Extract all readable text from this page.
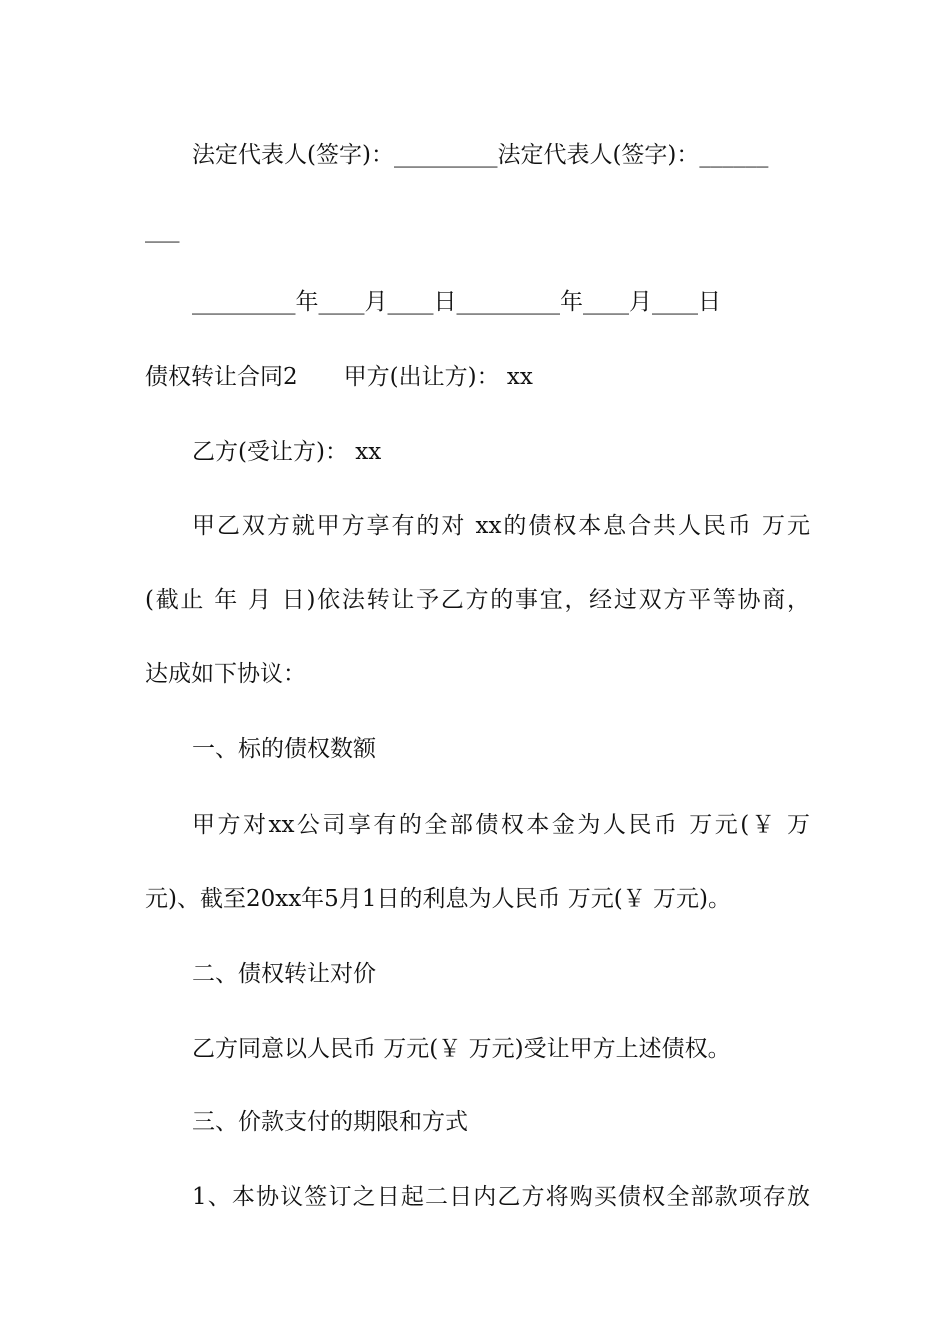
法定代表人(签字)：_________法定代表人(签字)：______
___
_________年____月____日_________年____月____日
债权转让合同2　　甲方(出让方)： xx
乙方(受让方)： xx
甲乙双方就甲方享有的对 xx的债权本息合共人民币 万元
(截止 年 月 日)依法转让予乙方的事宜，经过双方平等协商，
达成如下协议：
一、标的债权数额
甲方对xx公司享有的全部债权本金为人民币 万元(￥ 万
元)、截至20xx年5月1日的利息为人民币 万元(￥ 万元)。
二、债权转让对价
乙方同意以人民币 万元(￥ 万元)受让甲方上述债权。
三、价款支付的期限和方式
1、本协议签订之日起二日内乙方将购买债权全部款项存放
